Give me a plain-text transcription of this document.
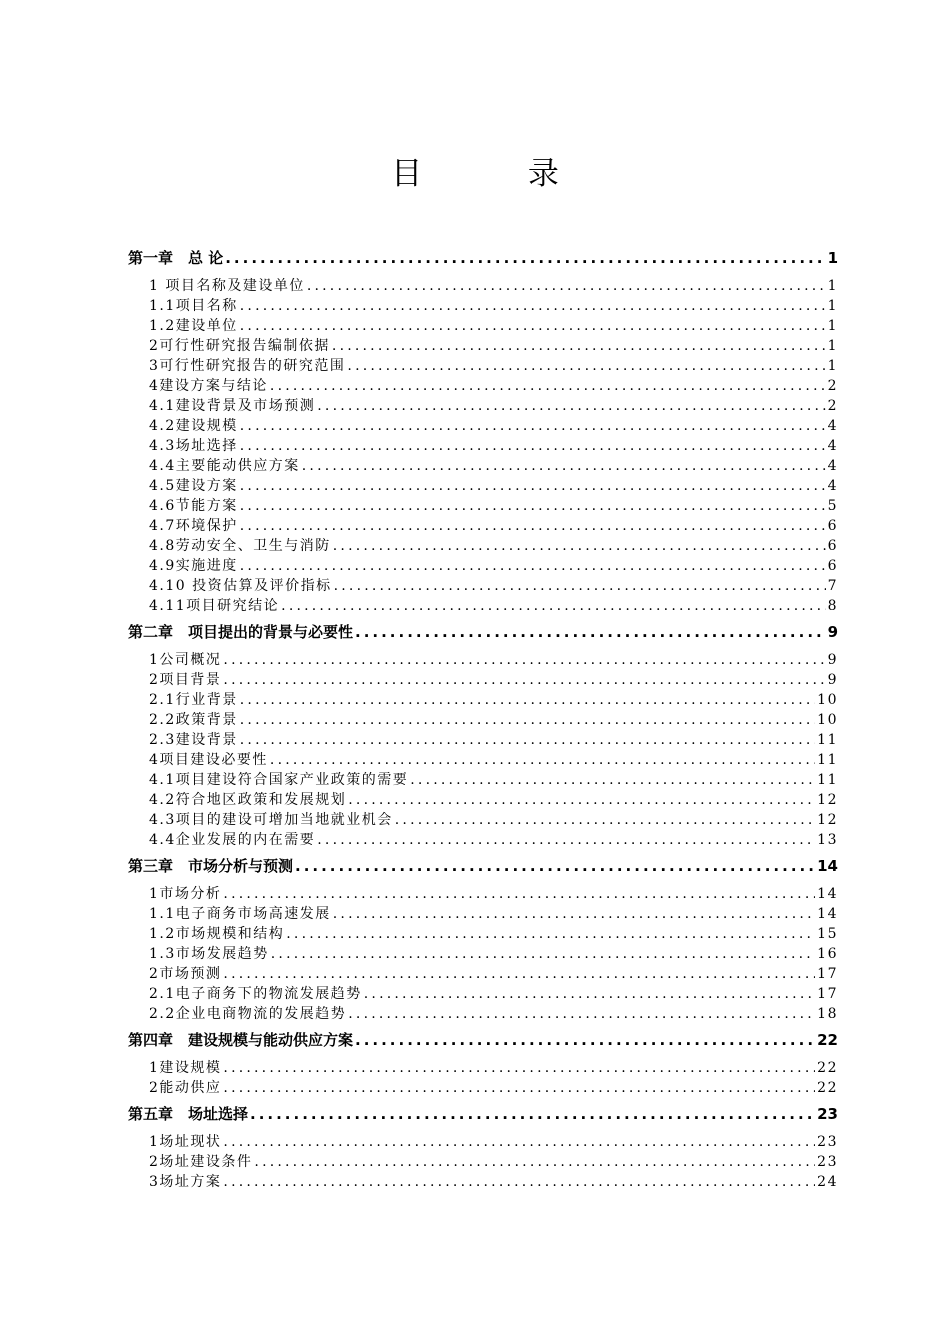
目 录
第一章　总 论 .....	1
1 项目名称及建设单位 .....	1
1.1项目名称 .....	1
1.2建设单位 .....	1
2可行性研究报告编制依据 .....	1
3可行性研究报告的研究范围 .....	1
4建设方案与结论 .....	2
4.1建设背景及市场预测 .....	2
4.2建设规模 .....	4
4.3场址选择 .....	4
4.4主要能动供应方案 .....	4
4.5建设方案 .....	4
4.6节能方案 .....	5
4.7环境保护 .....	6
4.8劳动安全、卫生与消防 .....	6
4.9实施进度 .....	6
4.10 投资估算及评价指标 .....	7
4.11项目研究结论 .....	8
第二章　项目提出的背景与必要性 .....	9
1公司概况 .....	9
2项目背景 .....	9
2.1行业背景 .....	10
2.2政策背景 .....	10
2.3建设背景 .....	11
4项目建设必要性 .....	11
4.1项目建设符合国家产业政策的需要 .....	11
4.2符合地区政策和发展规划 .....	12
4.3项目的建设可增加当地就业机会 .....	12
4.4企业发展的内在需要 .....	13
第三章　市场分析与预测 .....	14
1市场分析 .....	14
1.1电子商务市场高速发展 .....	14
1.2市场规模和结构 .....	15
1.3市场发展趋势 .....	16
2市场预测 .....	17
2.1电子商务下的物流发展趋势 .....	17
2.2企业电商物流的发展趋势 .....	18
第四章　建设规模与能动供应方案 .....	22
1建设规模 .....	22
2能动供应 .....	22
第五章　场址选择 .....	23
1场址现状 .....	23
2场址建设条件 .....	23
3场址方案 .....	24
